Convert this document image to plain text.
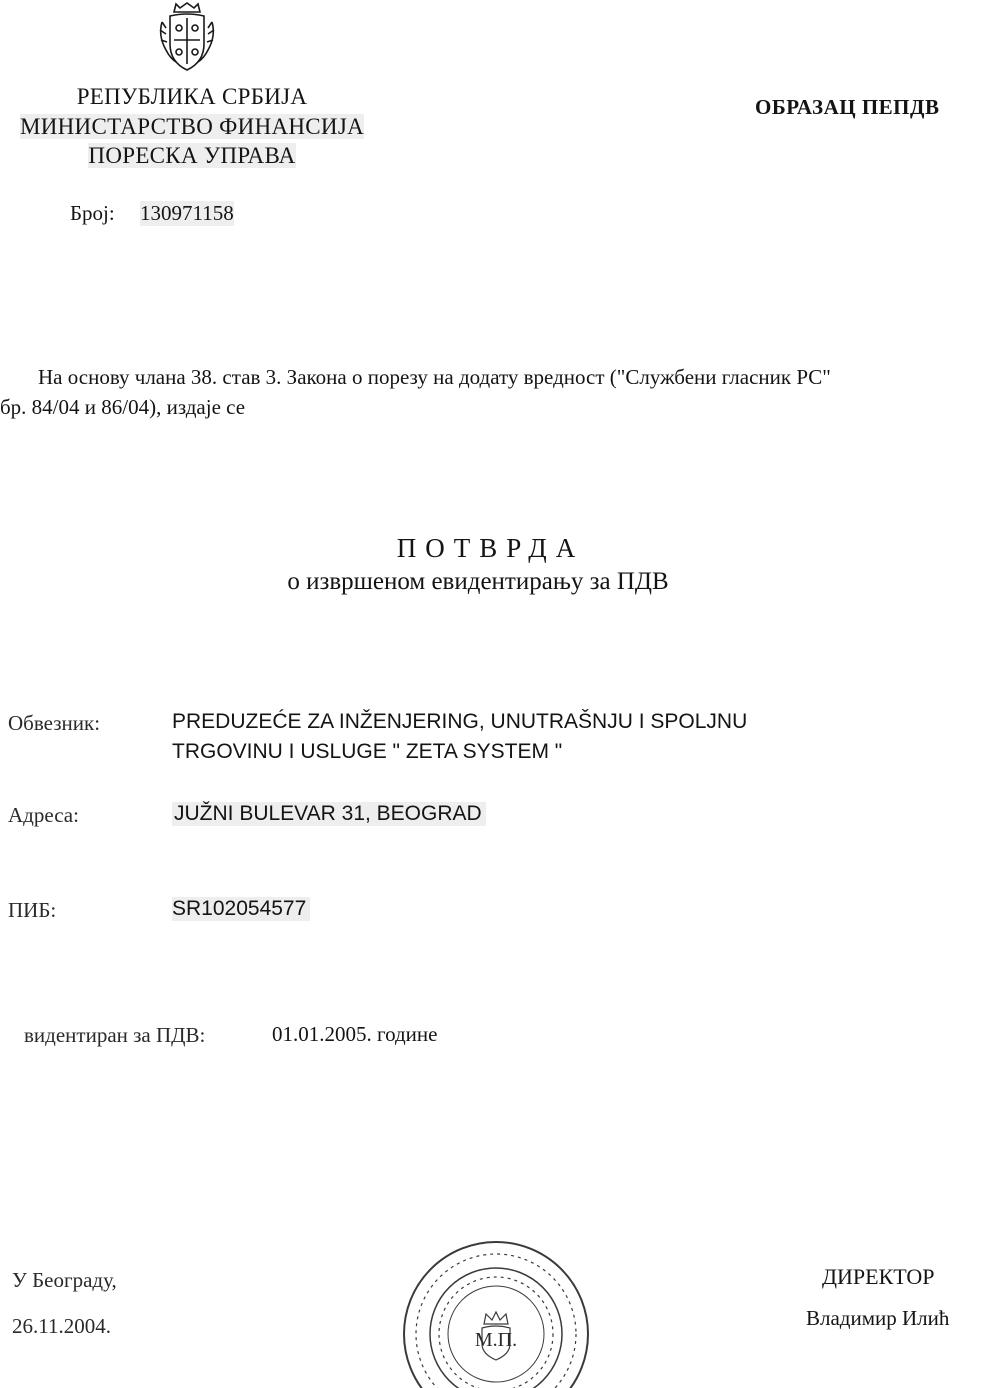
РЕПУБЛИКА СРБИЈА
МИНИСТАРСТВО ФИНАНСИЈА
ПОРЕСКА УПРАВА
ОБРАЗАЦ ПЕПДВ
Број: 130971158
На основу члана 38. став 3. Закона о порезу на додату вредност ("Службени гласник РС"
бр. 84/04 и 86/04), издаје се
ПОТВРДА
о извршеном евидентирању за ПДВ
Обвезник:	PREDUZEĆE ZA INŽENJERING, UNUTRAŠNJU I SPOLJNU
TRGOVINU I USLUGE " ZETA SYSTEM "
Адреса:	JUŽNI BULEVAR 31, BEOGRAD
ПИБ:	SR102054577
видентиран за ПДВ:	01.01.2005. године
У Београду,
26.11.2004.
М.П.
ДИРЕКТОР
Владимир Илић
